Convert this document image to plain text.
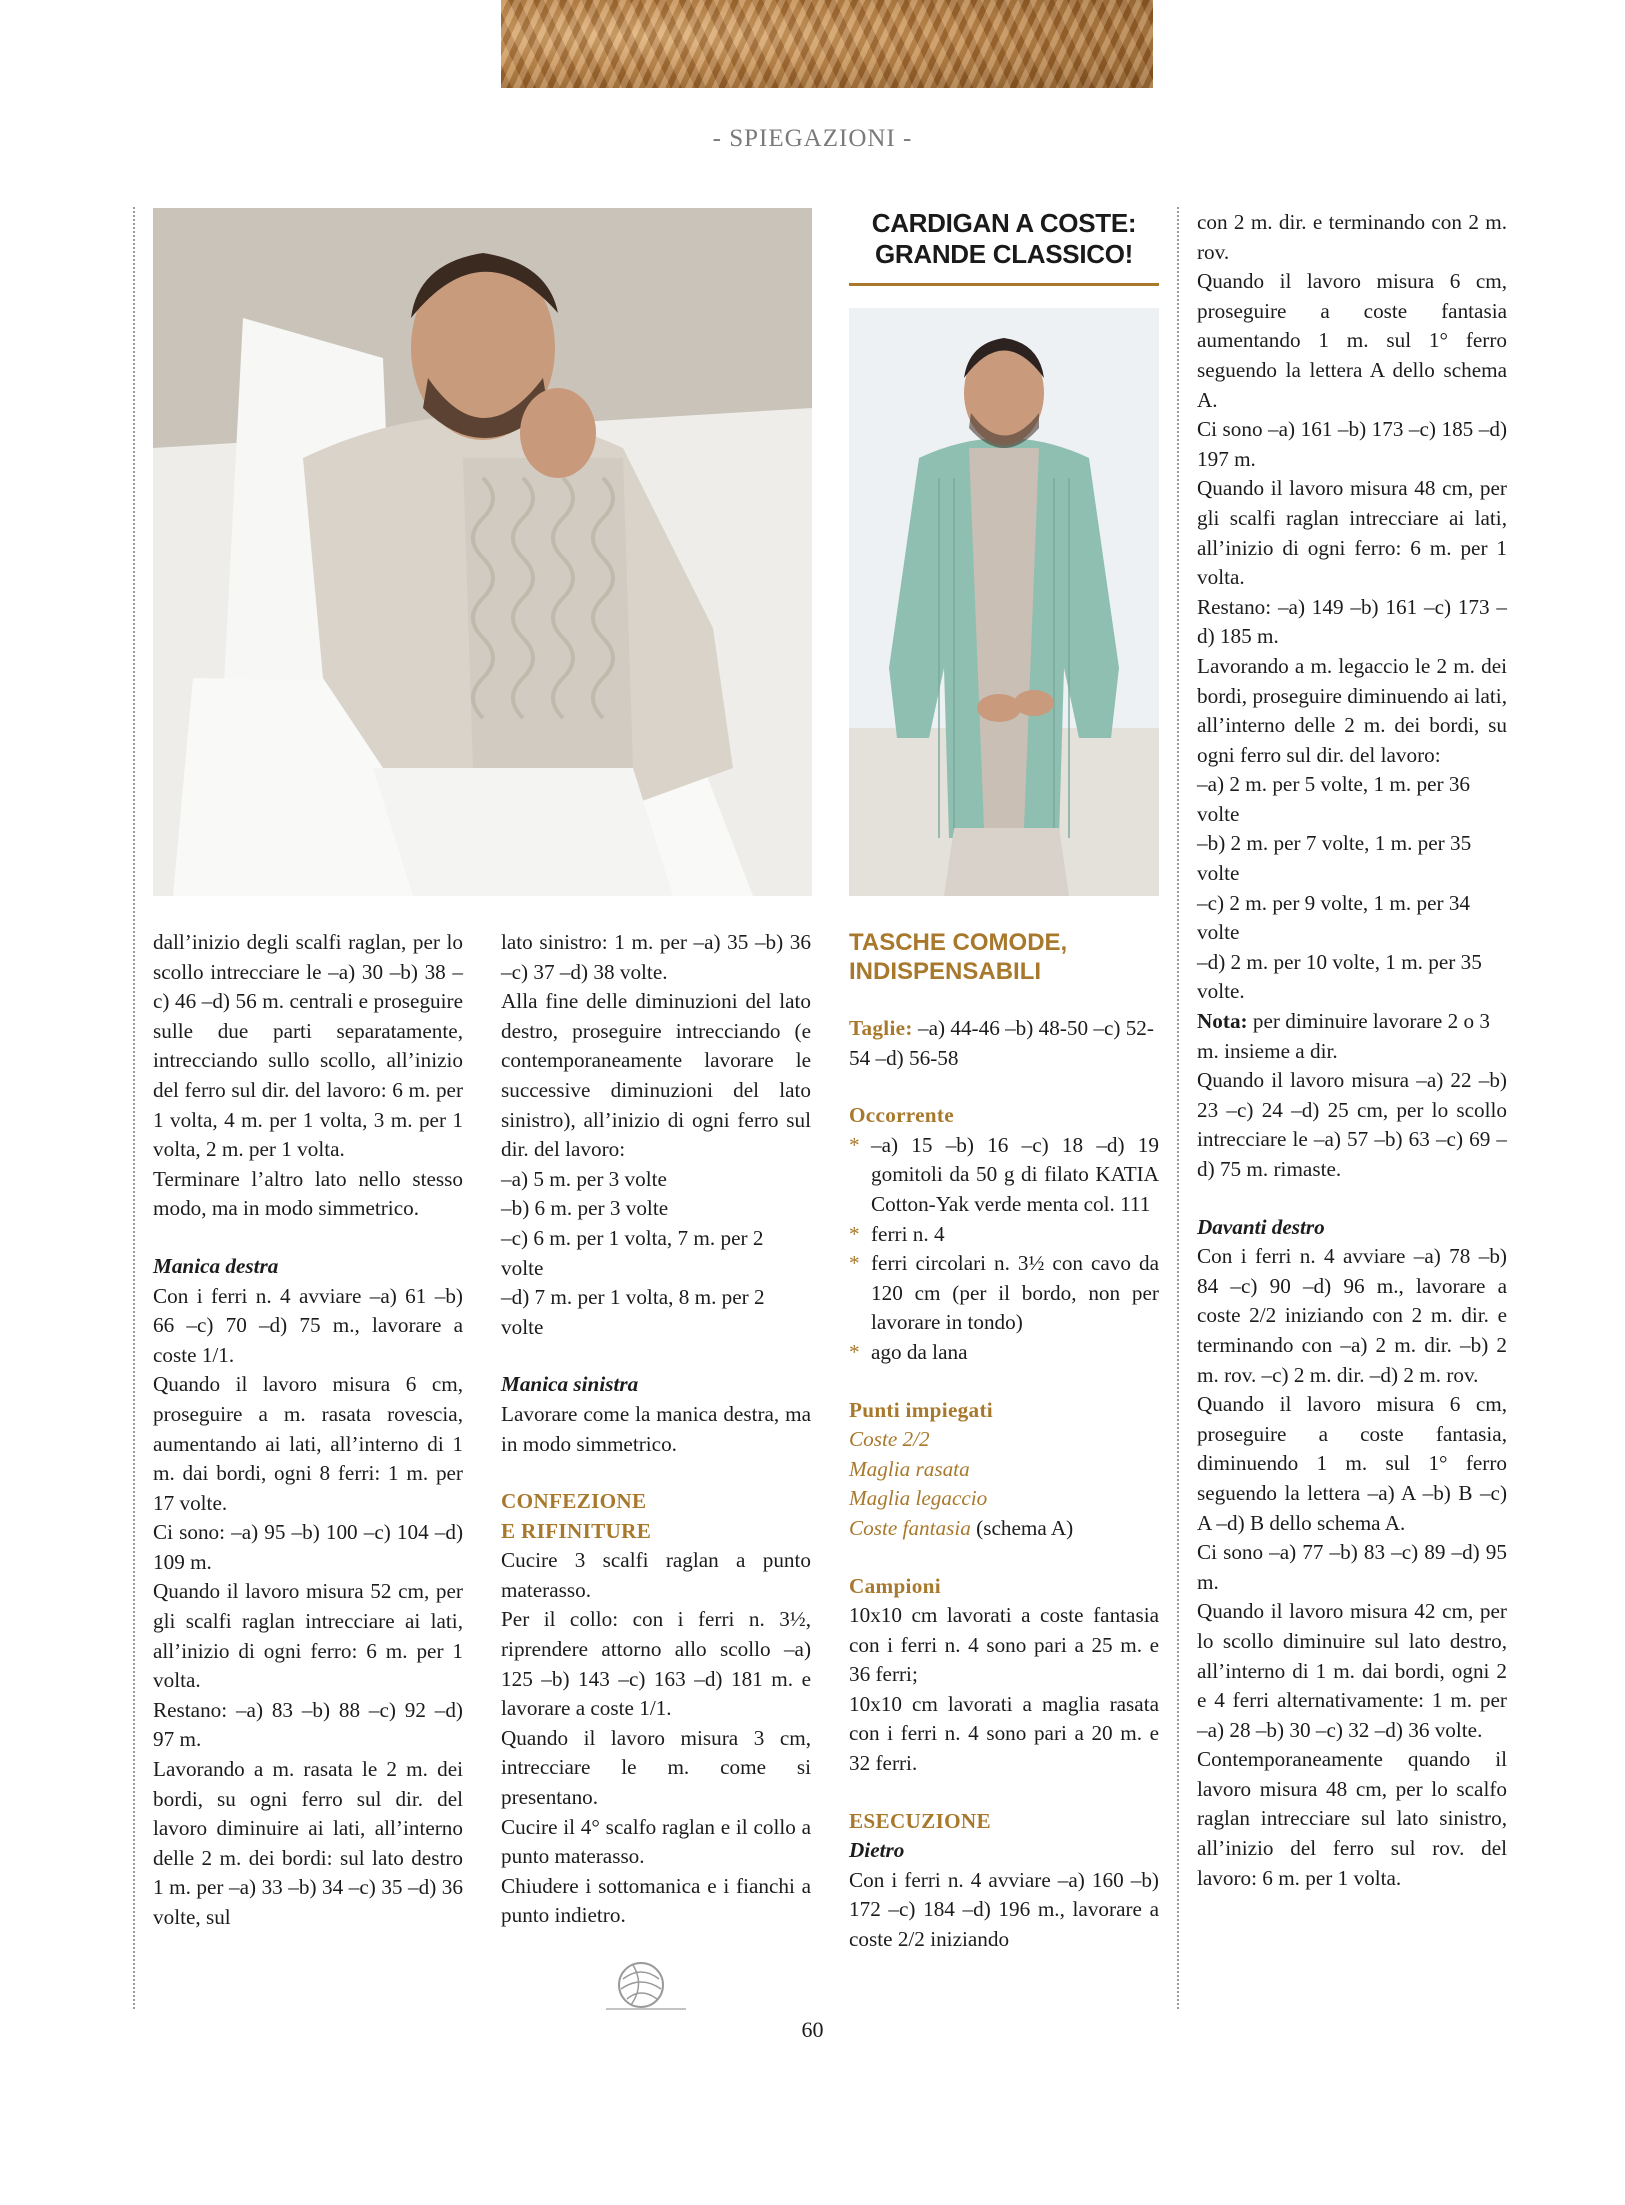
- SPIEGAZIONI -
CARDIGAN A COSTE: GRANDE CLASSICO!

dall’inizio degli scalfi raglan, per lo scollo intrecciare le –a) 30 –b) 38 –c) 46 –d) 56 m. centrali e proseguire sulle due parti separatamente, intrecciando sullo scollo, all’inizio del ferro sul dir. del lavoro: 6 m. per 1 volta, 4 m. per 1 volta, 3 m. per 1 volta, 2 m. per 1 volta.

Terminare l’altro lato nello stesso modo, ma in modo simmetrico.

Manica destra

Con i ferri n. 4 avviare –a) 61 –b) 66 –c) 70 –d) 75 m., lavorare a coste 1/1.

Quando il lavoro misura 6 cm, proseguire a m. rasata rovescia, aumentando ai lati, all’interno di 1 m. dai bordi, ogni 8 ferri: 1 m. per 17 volte.

Ci sono: –a) 95 –b) 100 –c) 104 –d) 109 m.

Quando il lavoro misura 52 cm, per gli scalfi raglan intrecciare ai lati, all’inizio di ogni ferro: 6 m. per 1 volta.

Restano: –a) 83 –b) 88 –c) 92 –d) 97 m.

Lavorando a m. rasata le 2 m. dei bordi, su ogni ferro sul dir. del lavoro diminuire ai lati, all’interno delle 2 m. dei bordi: sul lato destro 1 m. per –a) 33 –b) 34 –c) 35 –d) 36 volte, sul

lato sinistro: 1 m. per –a) 35 –b) 36 –c) 37 –d) 38 volte.

Alla fine delle diminuzioni del lato destro, proseguire intrecciando (e contemporaneamente lavorare le successive diminuzioni del lato sinistro), all’inizio di ogni ferro sul dir. del lavoro:

–a) 5 m. per 3 volte

–b) 6 m. per 3 volte

–c) 6 m. per 1 volta, 7 m. per 2 volte

–d) 7 m. per 1 volta, 8 m. per 2 volte

Manica sinistra

Lavorare come la manica destra, ma in modo simmetrico.

CONFEZIONE

E RIFINITURE

Cucire 3 scalfi raglan a punto materasso.

Per il collo: con i ferri n. 3½, riprendere attorno allo scollo –a) 125 –b) 143 –c) 163 –d) 181 m. e lavorare a coste 1/1.

Quando il lavoro misura 3 cm, intrecciare le m. come si presentano.

Cucire il 4° scalfo raglan e il collo a punto materasso.

Chiudere i sottomanica e i fianchi a punto indietro.

TASCHE COMODE,
INDISPENSABILI

Taglie: –a) 44-46 –b) 48-50 –c) 52-54 –d) 56-58

Occorrente

* –a) 15 –b) 16 –c) 18 –d) 19 gomitoli da 50 g di filato KATIA Cotton-Yak verde menta col. 111
* ferri n. 4
* ferri circolari n. 3½ con cavo da 120 cm (per il bordo, non per lavorare in tondo)
* ago da lana

Punti impiegati

Coste 2/2

Maglia rasata

Maglia legaccio

Coste fantasia (schema A)

Campioni

10x10 cm lavorati a coste fantasia con i ferri n. 4 sono pari a 25 m. e 36 ferri;

10x10 cm lavorati a maglia rasata con i ferri n. 4 sono pari a 20 m. e 32 ferri.

ESECUZIONE

Dietro

Con i ferri n. 4 avviare –a) 160 –b) 172 –c) 184 –d) 196 m., lavorare a coste 2/2 iniziando

con 2 m. dir. e terminando con 2 m. rov.

Quando il lavoro misura 6 cm, proseguire a coste fantasia aumentando 1 m. sul 1° ferro seguendo la lettera A dello schema A.

Ci sono –a) 161 –b) 173 –c) 185 –d) 197 m.

Quando il lavoro misura 48 cm, per gli scalfi raglan intrecciare ai lati, all’inizio di ogni ferro: 6 m. per 1 volta.

Restano: –a) 149 –b) 161 –c) 173 –d) 185 m.

Lavorando a m. legaccio le 2 m. dei bordi, proseguire diminuendo ai lati, all’interno delle 2 m. dei bordi, su ogni ferro sul dir. del lavoro:

–a) 2 m. per 5 volte, 1 m. per 36 volte

–b) 2 m. per 7 volte, 1 m. per 35 volte

–c) 2 m. per 9 volte, 1 m. per 34 volte

–d) 2 m. per 10 volte, 1 m. per 35 volte.

Nota: per diminuire lavorare 2 o 3 m. insieme a dir.

Quando il lavoro misura –a) 22 –b) 23 –c) 24 –d) 25 cm, per lo scollo intrecciare le –a) 57 –b) 63 –c) 69 –d) 75 m. rimaste.

Davanti destro

Con i ferri n. 4 avviare –a) 78 –b) 84 –c) 90 –d) 96 m., lavorare a coste 2/2 iniziando con 2 m. dir. e terminando con –a) 2 m. dir. –b) 2 m. rov. –c) 2 m. dir. –d) 2 m. rov.

Quando il lavoro misura 6 cm, proseguire a coste fantasia, diminuendo 1 m. sul 1° ferro seguendo la lettera –a) A –b) B –c) A –d) B dello schema A.

Ci sono –a) 77 –b) 83 –c) 89 –d) 95 m.

Quando il lavoro misura 42 cm, per lo scollo diminuire sul lato destro, all’interno di 1 m. dai bordi, ogni 2 e 4 ferri alternativamente: 1 m. per –a) 28 –b) 30 –c) 32 –d) 36 volte.

Contemporaneamente quando il lavoro misura 48 cm, per lo scalfo raglan intrecciare sul lato sinistro, all’inizio del ferro sul rov. del lavoro: 6 m. per 1 volta.

60
